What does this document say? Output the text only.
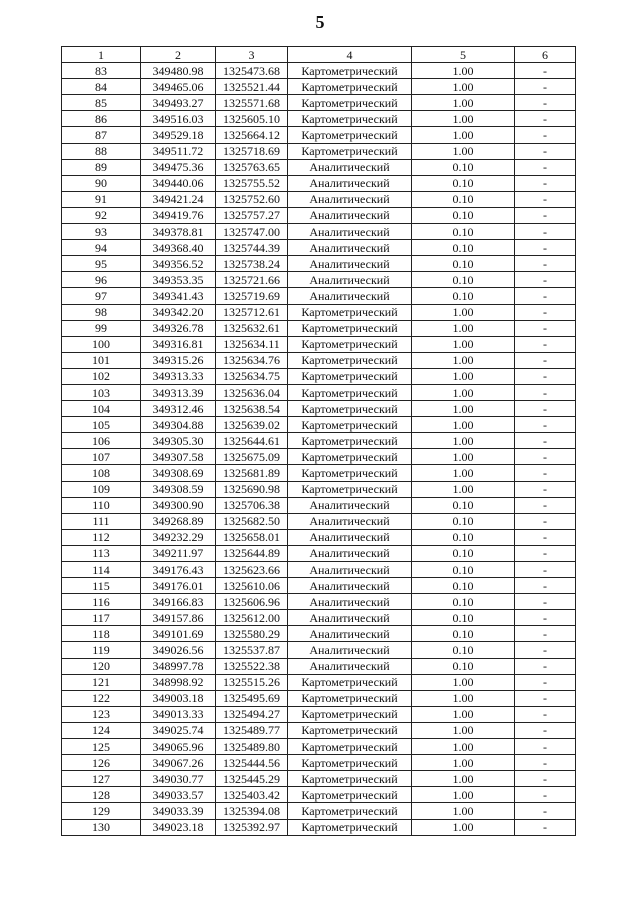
5
1	2	3	4	5	6
83	349480.98	1325473.68	Картометрический	1.00	-
84	349465.06	1325521.44	Картометрический	1.00	-
85	349493.27	1325571.68	Картометрический	1.00	-
86	349516.03	1325605.10	Картометрический	1.00	-
87	349529.18	1325664.12	Картометрический	1.00	-
88	349511.72	1325718.69	Картометрический	1.00	-
89	349475.36	1325763.65	Аналитический	0.10	-
90	349440.06	1325755.52	Аналитический	0.10	-
91	349421.24	1325752.60	Аналитический	0.10	-
92	349419.76	1325757.27	Аналитический	0.10	-
93	349378.81	1325747.00	Аналитический	0.10	-
94	349368.40	1325744.39	Аналитический	0.10	-
95	349356.52	1325738.24	Аналитический	0.10	-
96	349353.35	1325721.66	Аналитический	0.10	-
97	349341.43	1325719.69	Аналитический	0.10	-
98	349342.20	1325712.61	Картометрический	1.00	-
99	349326.78	1325632.61	Картометрический	1.00	-
100	349316.81	1325634.11	Картометрический	1.00	-
101	349315.26	1325634.76	Картометрический	1.00	-
102	349313.33	1325634.75	Картометрический	1.00	-
103	349313.39	1325636.04	Картометрический	1.00	-
104	349312.46	1325638.54	Картометрический	1.00	-
105	349304.88	1325639.02	Картометрический	1.00	-
106	349305.30	1325644.61	Картометрический	1.00	-
107	349307.58	1325675.09	Картометрический	1.00	-
108	349308.69	1325681.89	Картометрический	1.00	-
109	349308.59	1325690.98	Картометрический	1.00	-
110	349300.90	1325706.38	Аналитический	0.10	-
111	349268.89	1325682.50	Аналитический	0.10	-
112	349232.29	1325658.01	Аналитический	0.10	-
113	349211.97	1325644.89	Аналитический	0.10	-
114	349176.43	1325623.66	Аналитический	0.10	-
115	349176.01	1325610.06	Аналитический	0.10	-
116	349166.83	1325606.96	Аналитический	0.10	-
117	349157.86	1325612.00	Аналитический	0.10	-
118	349101.69	1325580.29	Аналитический	0.10	-
119	349026.56	1325537.87	Аналитический	0.10	-
120	348997.78	1325522.38	Аналитический	0.10	-
121	348998.92	1325515.26	Картометрический	1.00	-
122	349003.18	1325495.69	Картометрический	1.00	-
123	349013.33	1325494.27	Картометрический	1.00	-
124	349025.74	1325489.77	Картометрический	1.00	-
125	349065.96	1325489.80	Картометрический	1.00	-
126	349067.26	1325444.56	Картометрический	1.00	-
127	349030.77	1325445.29	Картометрический	1.00	-
128	349033.57	1325403.42	Картометрический	1.00	-
129	349033.39	1325394.08	Картометрический	1.00	-
130	349023.18	1325392.97	Картометрический	1.00	-
